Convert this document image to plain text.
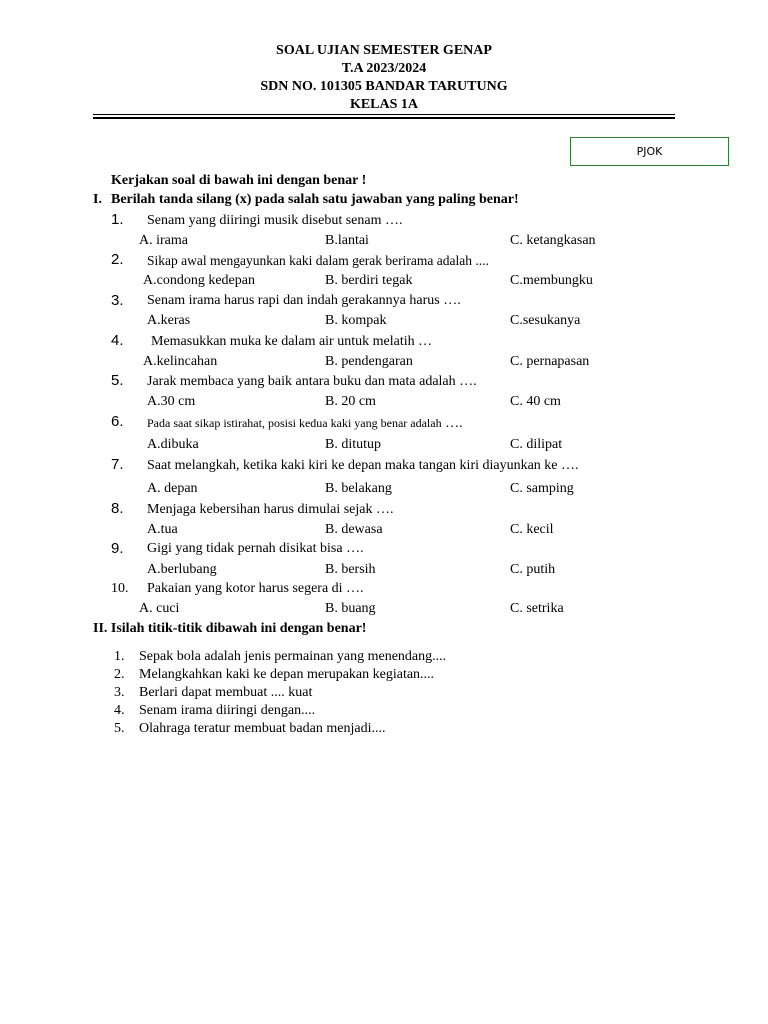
SOAL UJIAN SEMESTER GENAP
T.A 2023/2024
SDN NO. 101305 BANDAR TARUTUNG
KELAS 1A
PJOK
Kerjakan soal di bawah ini dengan benar !
I. Berilah tanda silang (x) pada salah satu jawaban yang paling benar!
1. Senam yang diiringi musik disebut senam ….
A. irama	B.lantai	C. ketangkasan
2. Sikap awal mengayunkan kaki dalam gerak berirama adalah ....
A.condong kedepan	B. berdiri tegak	C.membungku
3. Senam irama harus rapi dan indah gerakannya harus ….
A.keras	B. kompak	C.sesukanya
4. Memasukkan muka ke dalam air untuk melatih …
A.kelincahan	B. pendengaran	C. pernapasan
5. Jarak membaca yang baik antara buku dan mata adalah ….
A.30 cm	B. 20 cm	C. 40 cm
6. Pada saat sikap istirahat, posisi kedua kaki yang benar adalah ….
A.dibuka	B. ditutup	C. dilipat
7. Saat melangkah, ketika kaki kiri ke depan maka tangan kiri diayunkan ke ….
A. depan	B. belakang	C. samping
8. Menjaga kebersihan harus dimulai sejak ….
A.tua	B. dewasa	C. kecil
9. Gigi yang tidak pernah disikat bisa ….
A.berlubang	B. bersih	C. putih
10. Pakaian yang kotor harus segera di ….
A. cuci	B. buang	C. setrika
II. Isilah titik-titik dibawah ini dengan benar!
1. Sepak bola adalah jenis permainan yang menendang....
2. Melangkahkan kaki ke depan merupakan kegiatan....
3. Berlari dapat membuat .... kuat
4. Senam irama diiringi dengan....
5. Olahraga teratur membuat badan menjadi....
